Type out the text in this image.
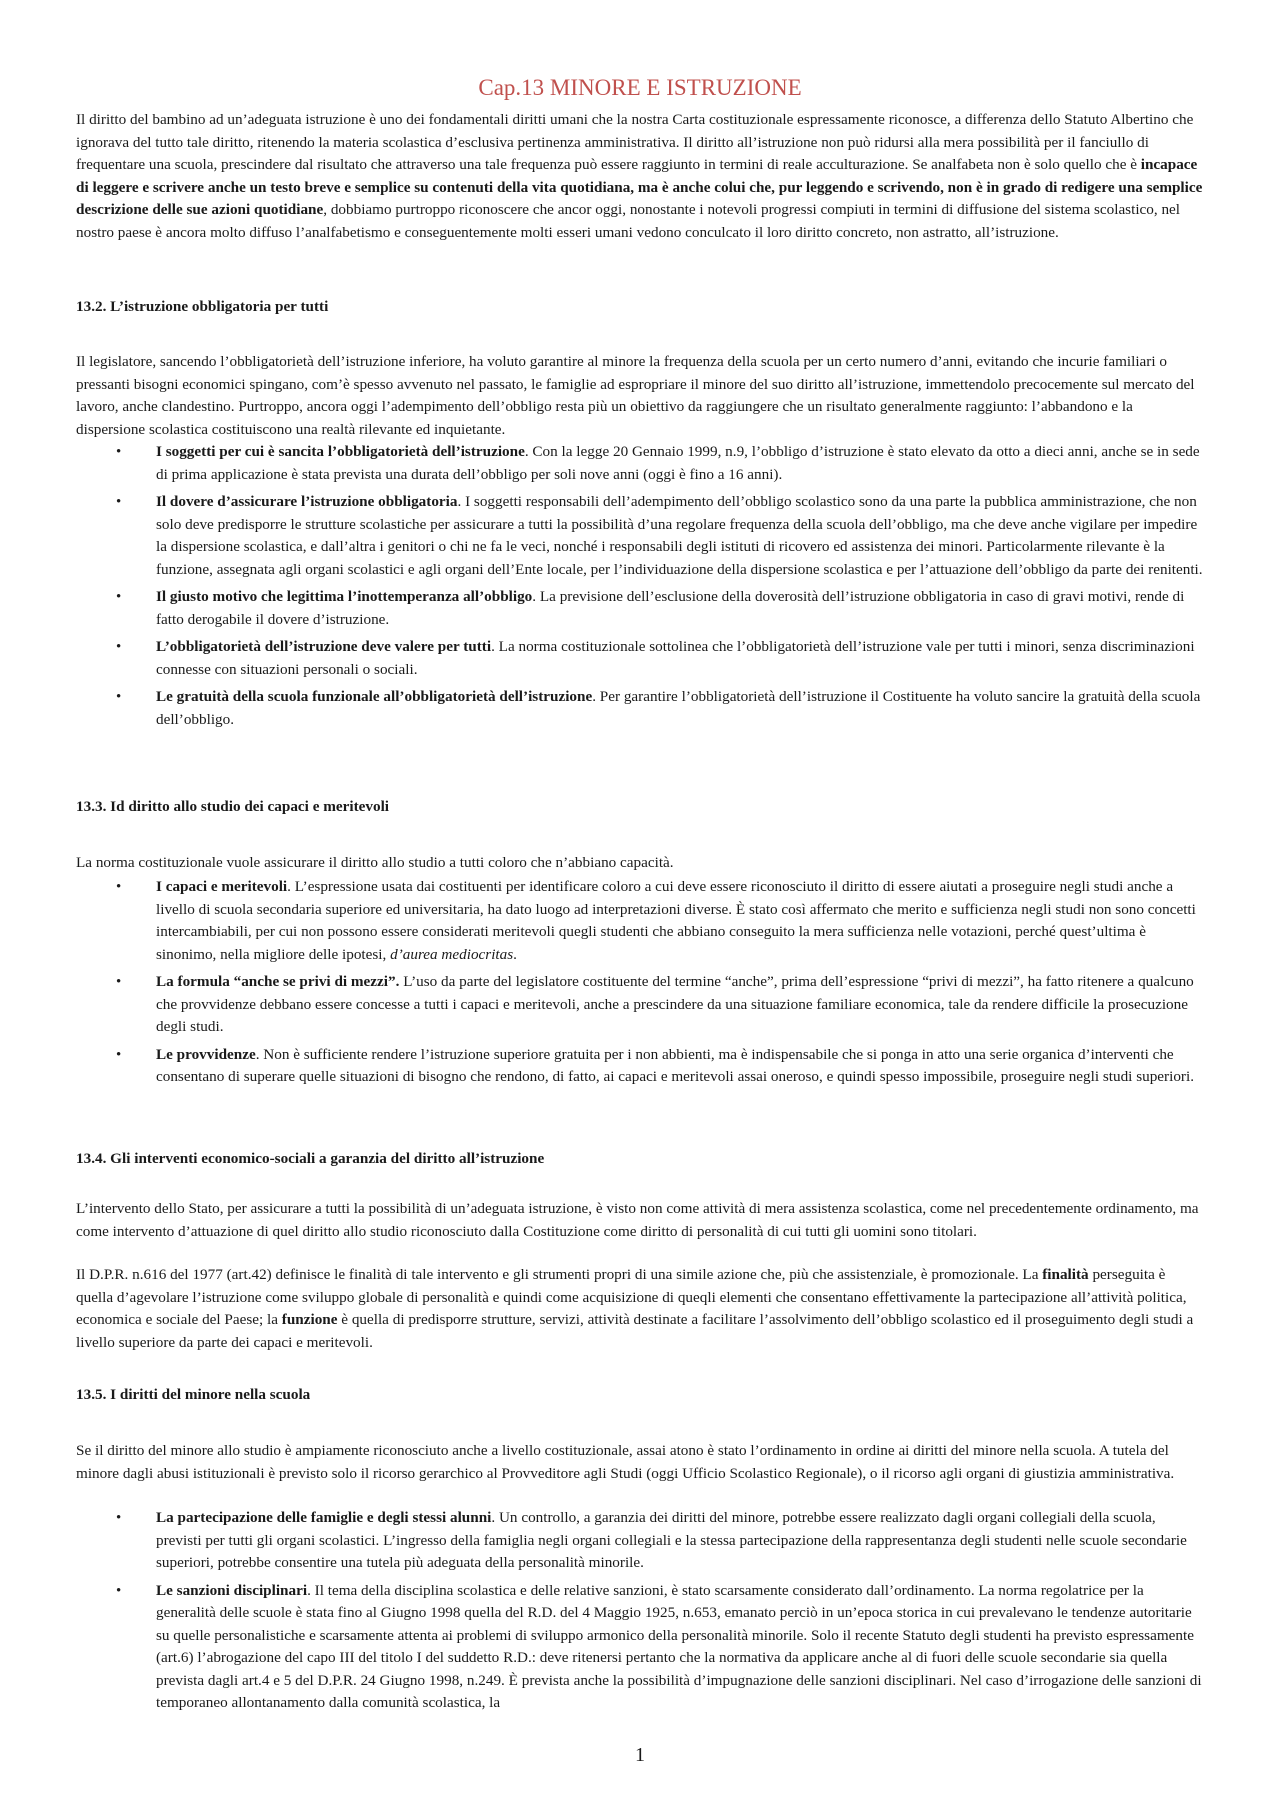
Cap.13 MINORE E ISTRUZIONE

Il diritto del bambino ad un’adeguata istruzione è uno dei fondamentali diritti umani che la nostra Carta costituzionale espressamente riconosce, a differenza dello Statuto Albertino che ignorava del tutto tale diritto, ritenendo la materia scolastica d’esclusiva pertinenza amministrativa. Il diritto all’istruzione non può ridursi alla mera possibilità per il fanciullo di frequentare una scuola, prescindere dal risultato che attraverso una tale frequenza può essere raggiunto in termini di reale acculturazione. Se analfabeta non è solo quello che è incapace di leggere e scrivere anche un testo breve e semplice su contenuti della vita quotidiana, ma è anche colui che, pur leggendo e scrivendo, non è in grado di redigere una semplice descrizione delle sue azioni quotidiane, dobbiamo purtroppo riconoscere che ancor oggi, nonostante i notevoli progressi compiuti in termini di diffusione del sistema scolastico, nel nostro paese è ancora molto diffuso l’analfabetismo e conseguentemente molti esseri umani vedono conculcato il loro diritto concreto, non astratto, all’istruzione.

13.2. L’istruzione obbligatoria per tutti

Il legislatore, sancendo l’obbligatorietà dell’istruzione inferiore, ha voluto garantire al minore la frequenza della scuola per un certo numero d’anni, evitando che incurie familiari o pressanti bisogni economici spingano, com’è spesso avvenuto nel passato, le famiglie ad espropriare il minore del suo diritto all’istruzione, immettendolo precocemente sul mercato del lavoro, anche clandestino. Purtroppo, ancora oggi l’adempimento dell’obbligo resta più un obiettivo da raggiungere che un risultato generalmente raggiunto: l’abbandono e la dispersione scolastica costituiscono una realtà rilevante ed inquietante.

• I soggetti per cui è sancita l’obbligatorietà dell’istruzione. Con la legge 20 Gennaio 1999, n.9, l’obbligo d’istruzione è stato elevato da otto a dieci anni, anche se in sede di prima applicazione è stata prevista una durata dell’obbligo per soli nove anni (oggi è fino a 16 anni).
• Il dovere d’assicurare l’istruzione obbligatoria. I soggetti responsabili dell’adempimento dell’obbligo scolastico sono da una parte la pubblica amministrazione, che non solo deve predisporre le strutture scolastiche per assicurare a tutti la possibilità d’una regolare frequenza della scuola dell’obbligo, ma che deve anche vigilare per impedire la dispersione scolastica, e dall’altra i genitori o chi ne fa le veci, nonché i responsabili degli istituti di ricovero ed assistenza dei minori. Particolarmente rilevante è la funzione, assegnata agli organi scolastici e agli organi dell’Ente locale, per l’individuazione della dispersione scolastica e per l’attuazione dell’obbligo da parte dei renitenti.
• Il giusto motivo che legittima l’inottemperanza all’obbligo. La previsione dell’esclusione della doverosità dell’istruzione obbligatoria in caso di gravi motivi, rende di fatto derogabile il dovere d’istruzione.
• L’obbligatorietà dell’istruzione deve valere per tutti. La norma costituzionale sottolinea che l’obbligatorietà dell’istruzione vale per tutti i minori, senza discriminazioni connesse con situazioni personali o sociali.
• Le gratuità della scuola funzionale all’obbligatorietà dell’istruzione. Per garantire l’obbligatorietà dell’istruzione il Costituente ha voluto sancire la gratuità della scuola dell’obbligo.
13.3. Id diritto allo studio dei capaci e meritevoli

La norma costituzionale vuole assicurare il diritto allo studio a tutti coloro che n’abbiano capacità.

• I capaci e meritevoli. L’espressione usata dai costituenti per identificare coloro a cui deve essere riconosciuto il diritto di essere aiutati a proseguire negli studi anche a livello di scuola secondaria superiore ed universitaria, ha dato luogo ad interpretazioni diverse. È stato così affermato che merito e sufficienza negli studi non sono concetti intercambiabili, per cui non possono essere considerati meritevoli quegli studenti che abbiano conseguito la mera sufficienza nelle votazioni, perché quest’ultima è sinonimo, nella migliore delle ipotesi, d’aurea mediocritas.
• La formula “anche se privi di mezzi”. L’uso da parte del legislatore costituente del termine “anche”, prima dell’espressione “privi di mezzi”, ha fatto ritenere a qualcuno che provvidenze debbano essere concesse a tutti i capaci e meritevoli, anche a prescindere da una situazione familiare economica, tale da rendere difficile la prosecuzione degli studi.
• Le provvidenze. Non è sufficiente rendere l’istruzione superiore gratuita per i non abbienti, ma è indispensabile che si ponga in atto una serie organica d’interventi che consentano di superare quelle situazioni di bisogno che rendono, di fatto, ai capaci e meritevoli assai oneroso, e quindi spesso impossibile, proseguire negli studi superiori.
13.4. Gli interventi economico-sociali a garanzia del diritto all’istruzione

L’intervento dello Stato, per assicurare a tutti la possibilità di un’adeguata istruzione, è visto non come attività di mera assistenza scolastica, come nel precedentemente ordinamento, ma come intervento d’attuazione di quel diritto allo studio riconosciuto dalla Costituzione come diritto di personalità di cui tutti gli uomini sono titolari.

Il D.P.R. n.616 del 1977 (art.42) definisce le finalità di tale intervento e gli strumenti propri di una simile azione che, più che assistenziale, è promozionale. La finalità perseguita è quella d’agevolare l’istruzione come sviluppo globale di personalità e quindi come acquisizione di queqli elementi che consentano effettivamente la partecipazione all’attività politica, economica e sociale del Paese; la funzione è quella di predisporre strutture, servizi, attività destinate a facilitare l’assolvimento dell’obbligo scolastico ed il proseguimento degli studi a livello superiore da parte dei capaci e meritevoli.

13.5. I diritti del minore nella scuola

Se il diritto del minore allo studio è ampiamente riconosciuto anche a livello costituzionale, assai atono è stato l’ordinamento in ordine ai diritti del minore nella scuola. A tutela del minore dagli abusi istituzionali è previsto solo il ricorso gerarchico al Provveditore agli Studi (oggi Ufficio Scolastico Regionale), o il ricorso agli organi di giustizia amministrativa.

• La partecipazione delle famiglie e degli stessi alunni. Un controllo, a garanzia dei diritti del minore, potrebbe essere realizzato dagli organi collegiali della scuola, previsti per tutti gli organi scolastici. L’ingresso della famiglia negli organi collegiali e la stessa partecipazione della rappresentanza degli studenti nelle scuole secondarie superiori, potrebbe consentire una tutela più adeguata della personalità minorile.
• Le sanzioni disciplinari. Il tema della disciplina scolastica e delle relative sanzioni, è stato scarsamente considerato dall’ordinamento. La norma regolatrice per la generalità delle scuole è stata fino al Giugno 1998 quella del R.D. del 4 Maggio 1925, n.653, emanato perciò in un’epoca storica in cui prevalevano le tendenze autoritarie su quelle personalistiche e scarsamente attenta ai problemi di sviluppo armonico della personalità minorile. Solo il recente Statuto degli studenti ha previsto espressamente (art.6) l’abrogazione del capo III del titolo I del suddetto R.D.: deve ritenersi pertanto che la normativa da applicare anche al di fuori delle scuole secondarie sia quella prevista dagli art.4 e 5 del D.P.R. 24 Giugno 1998, n.249. È prevista anche la possibilità d’impugnazione delle sanzioni disciplinari. Nel caso d’irrogazione delle sanzioni di temporaneo allontanamento dalla comunità scolastica, la
1
